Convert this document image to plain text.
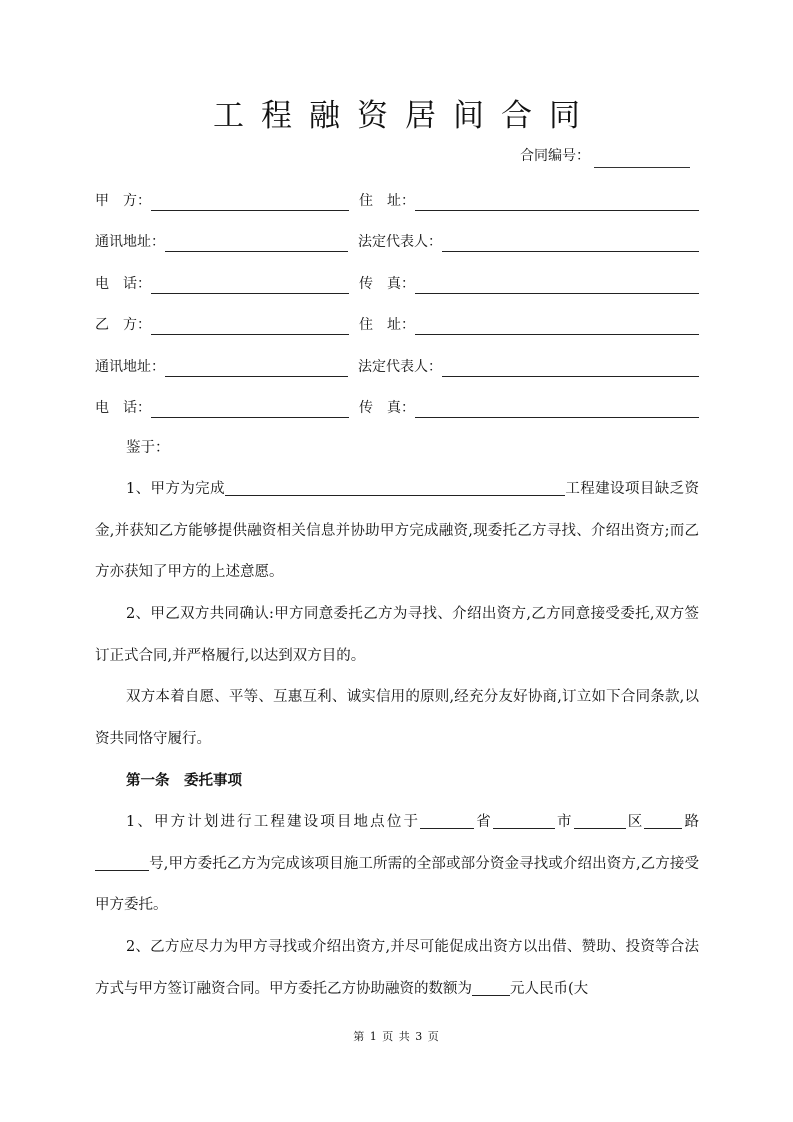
工程融资居间合同
合同编号：
甲　方：	住　址：
通讯地址：	法定代表人：
电　话：	传　真：
乙　方：	住　址：
通讯地址：	法定代表人：
电　话：	传　真：

鉴于：

1、甲方为完成	工程建设项目缺乏资金,并获知乙方能够提供融资相关信息并协助甲方完成融资,现委托乙方寻找、介绍出资方;而乙方亦获知了甲方的上述意愿。

2、甲乙双方共同确认:甲方同意委托乙方为寻找、介绍出资方,乙方同意接受委托,双方签订正式合同,并严格履行,以达到双方目的。

双方本着自愿、平等、互惠互利、诚实信用的原则,经充分友好协商,订立如下合同条款,以资共同恪守履行。

第一条　委托事项

1、甲方计划进行工程建设项目地点位于	省	市	区	路号,甲方委托乙方为完成该项目施工所需的全部或部分资金寻找或介绍出资方,乙方接受甲方委托。

2、乙方应尽力为甲方寻找或介绍出资方,并尽可能促成出资方以出借、赞助、投资等合法方式与甲方签订融资合同。甲方委托乙方协助融资的数额为	元人民币(大

第 1 页 共 3 页
